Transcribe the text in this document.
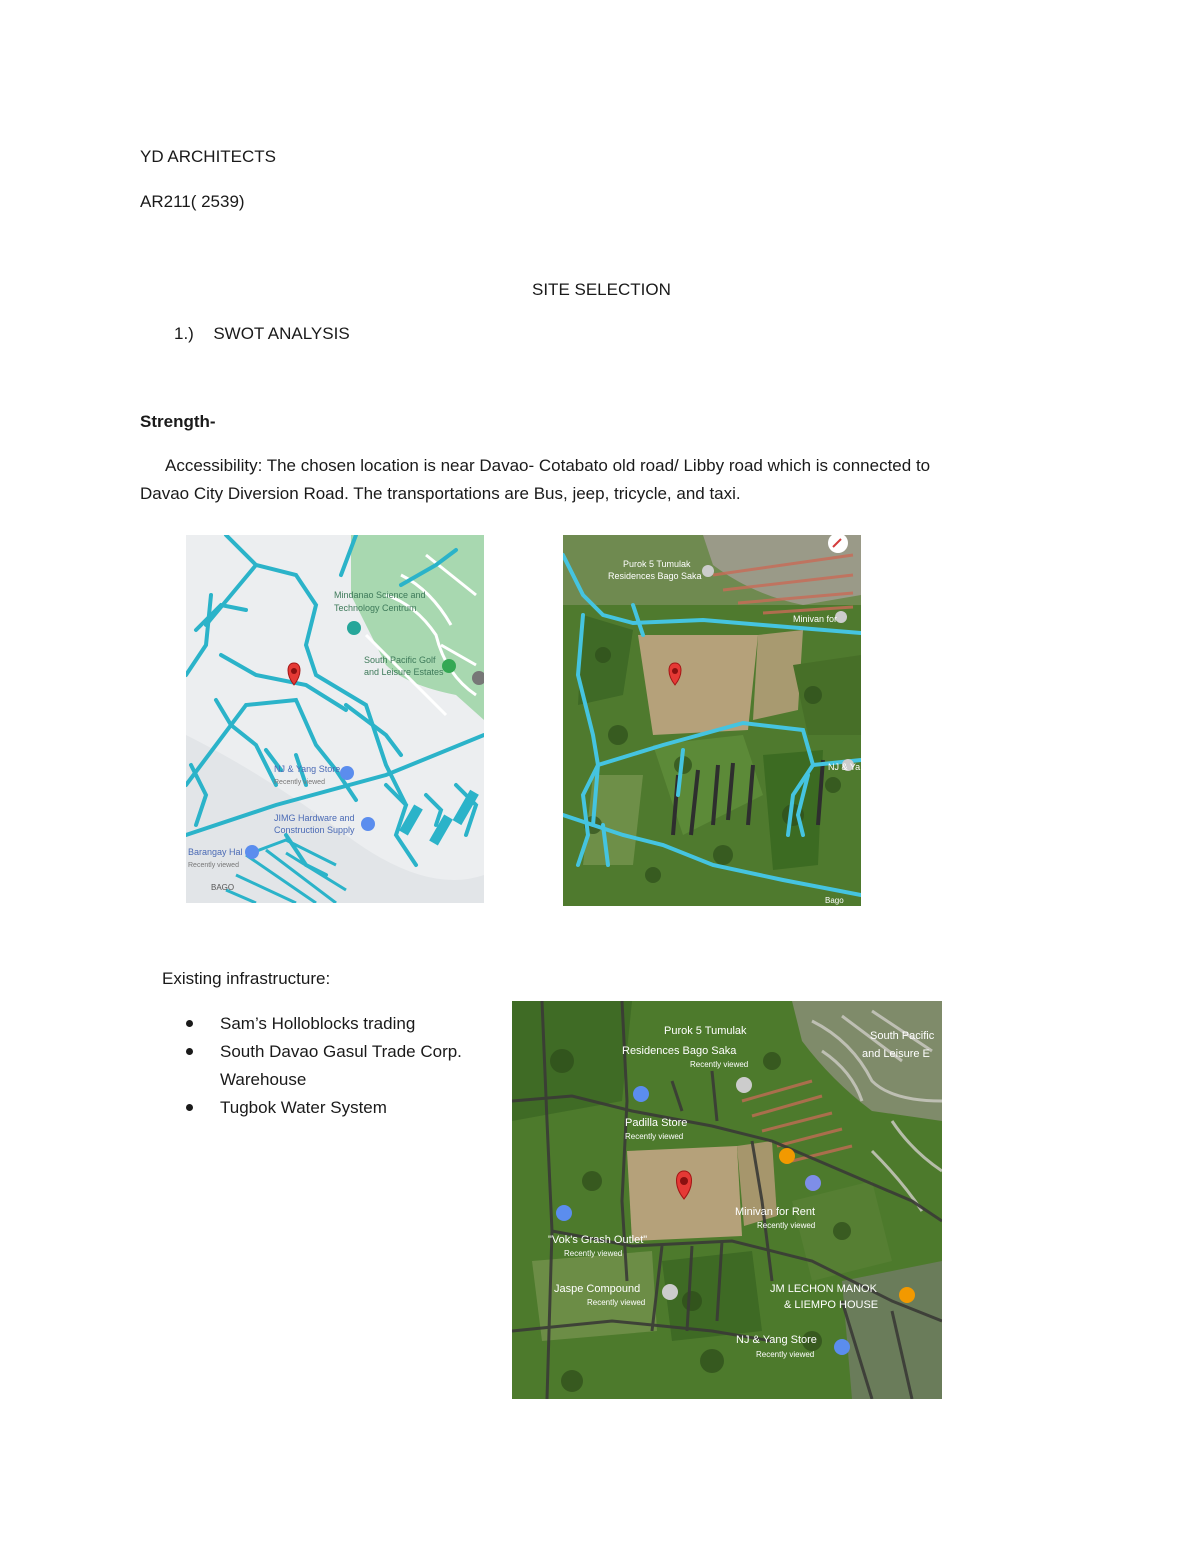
YD ARCHITECTS
AR211( 2539)
SITE SELECTION
1.) SWOT ANALYSIS
Strength-
Accessibility: The chosen location is near Davao- Cotabato old road/ Libby road which is connected to
Davao City Diversion Road. The transportations are Bus, jeep, tricycle, and taxi.
Mindanao Science and
Technology Centrum
South Pacific Golf
and Leisure Estates
NJ & Yang Store
Recently viewed
JIMG Hardware and
Construction Supply
Barangay Hal
Recently viewed
BAGO
Purok 5 Tumulak
Residences Bago Saka
Minivan for
NJ & Ya
Bago
Existing infrastructure:
Sam’s Holloblocks trading
South Davao Gasul Trade Corp.
Warehouse
Tugbok Water System
Purok 5 Tumulak
Residences Bago Saka
Recently viewed
South Pacific
and Leisure E
Padilla Store
Recently viewed
Minivan for Rent
Recently viewed
"Vok's Grash Outlet"
Recently viewed
Jaspe Compound
Recently viewed
JM LECHON MANOK
& LIEMPO HOUSE
NJ & Yang Store
Recently viewed
